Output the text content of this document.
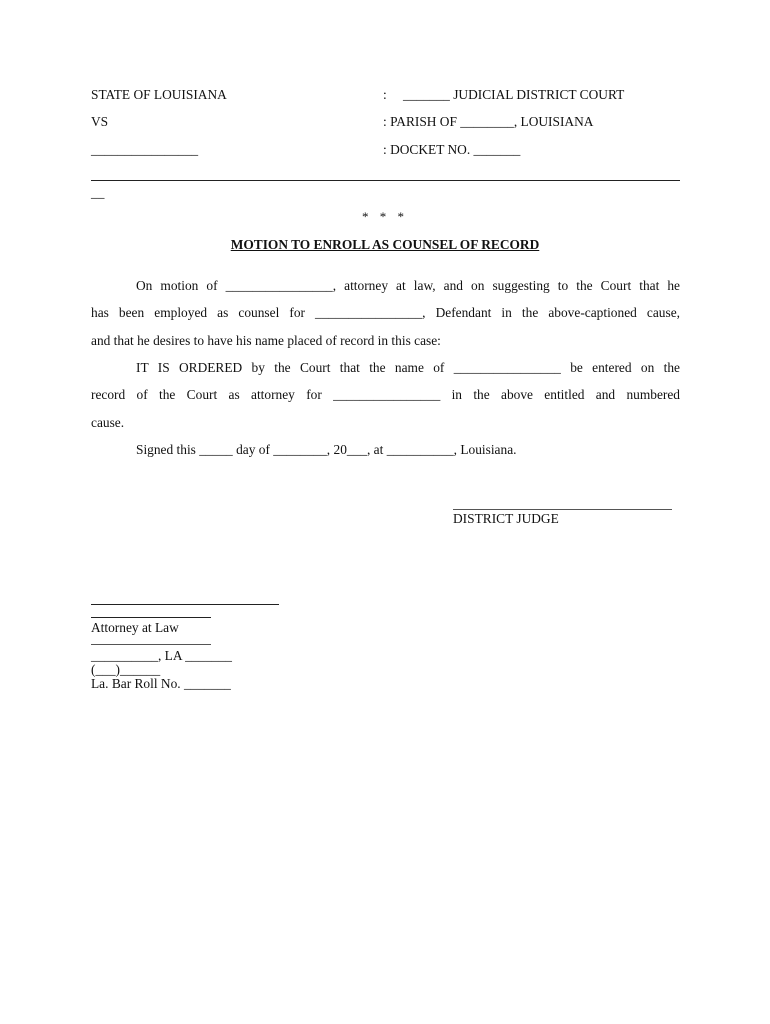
STATE OF LOUISIANA	: _______ JUDICIAL DISTRICT COURT
VS	: PARISH OF ________, LOUISIANA
________________	: DOCKET NO. _______
__
* * *
MOTION TO ENROLL AS COUNSEL OF RECORD
On motion of ________________, attorney at law, and on suggesting to the Court that he
has been employed as counsel for ________________, Defendant in the above-captioned cause,
and that he desires to have his name placed of record in this case:
IT IS ORDERED by the Court that the name of ________________ be entered on the
record of the Court as attorney for ________________ in the above entitled and numbered
cause.
Signed this _____ day of ________, 20___, at __________, Louisiana.
DISTRICT JUDGE
Attorney at Law
__________, LA _______
(___)______
La. Bar Roll No. _______
